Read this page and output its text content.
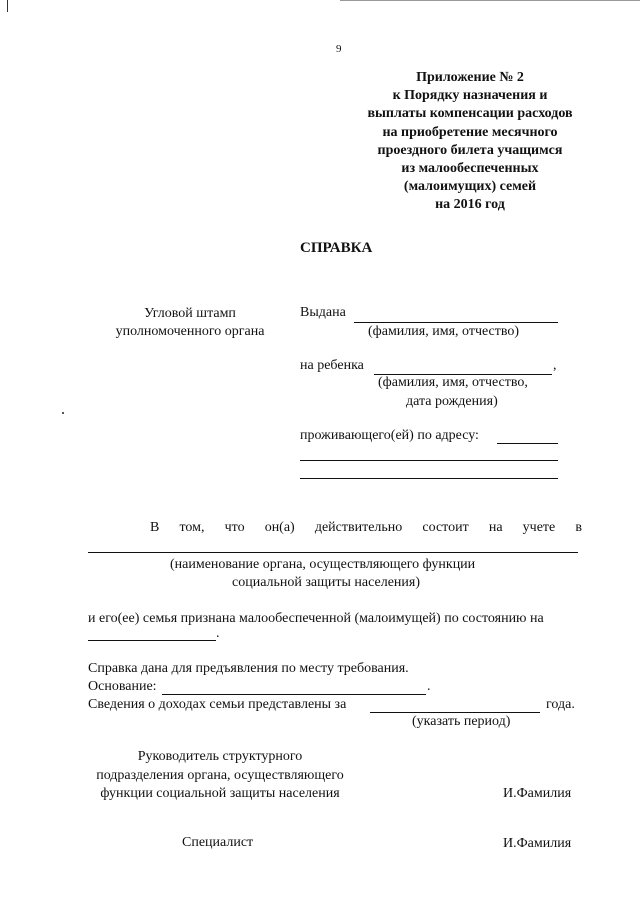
9
Приложение № 2
к Порядку назначения и
выплаты компенсации расходов
на приобретение месячного
проездного билета учащимся
из малообеспеченных
(малоимущих) семей
на 2016 год
СПРАВКА
Угловой штамп
уполномоченного органа
Выдана
(фамилия, имя, отчество)
на ребенка	,
(фамилия, имя, отчество,
дата рождения)
проживающего(ей) по адресу:
В том, что он(а) действительно состоит на учете в
(наименование органа, осуществляющего функции
социальной защиты населения)
и его(ее) семья признана малообеспеченной (малоимущей) по состоянию на
.
Справка дана для предъявления по месту требования.
Основание:	.
Сведения о доходах семьи представлены за	года.
(указать период)
Руководитель структурного
подразделения органа, осуществляющего
функции социальной защиты населения	И.Фамилия
Специалист	И.Фамилия
